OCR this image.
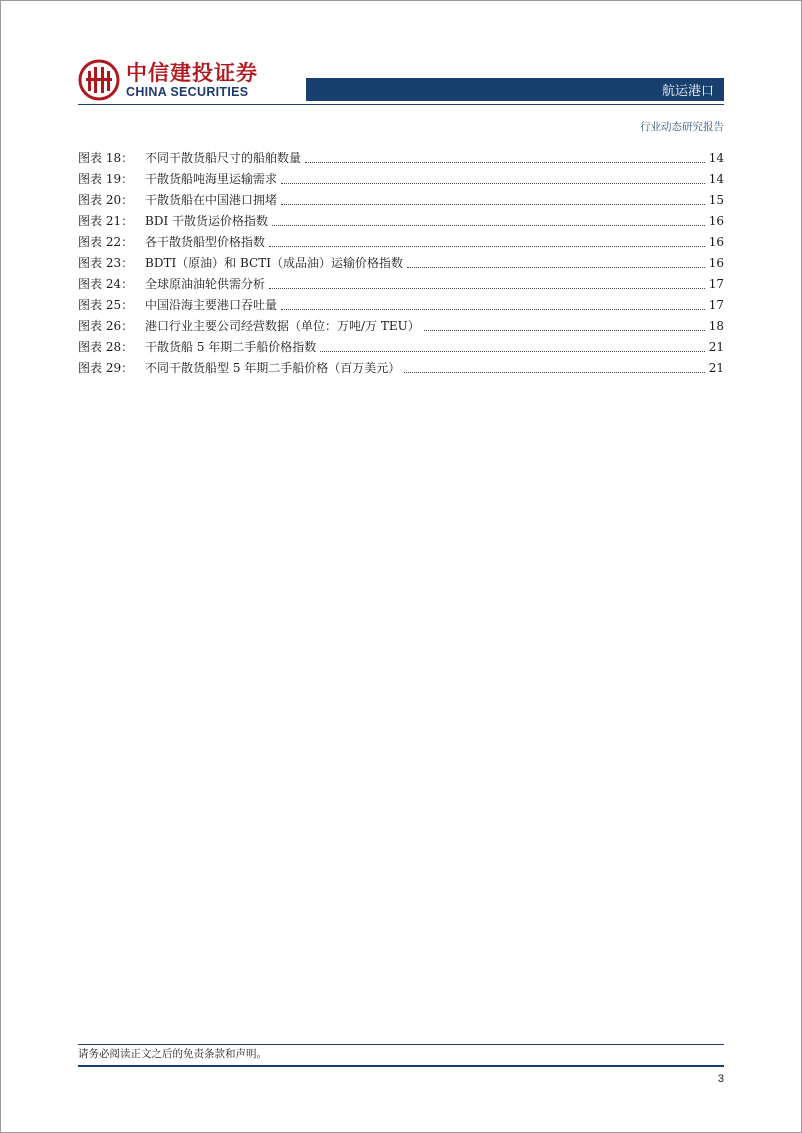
中信建投证券
CHINA SECURITIES	航运港口
行业动态研究报告
图表 18： 不同干散货船尺寸的船舶数量	14
图表 19： 干散货船吨海里运输需求	14
图表 20： 干散货船在中国港口拥堵	15
图表 21： BDI 干散货运价格指数	16
图表 22： 各干散货船型价格指数	16
图表 23： BDTI（原油）和 BCTI（成品油）运输价格指数	16
图表 24： 全球原油油轮供需分析	17
图表 25： 中国沿海主要港口吞吐量	17
图表 26： 港口行业主要公司经营数据（单位：万吨/万 TEU）	18
图表 28： 干散货船 5 年期二手船价格指数	21
图表 29： 不同干散货船型 5 年期二手船价格（百万美元）	21
请务必阅读正文之后的免责条款和声明。
3
